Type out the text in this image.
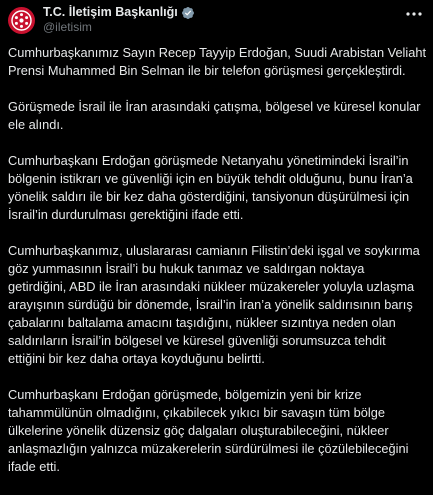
T.C. İletişim Başkanlığı
@iletisim

Cumhurbaşkanımız Sayın Recep Tayyip Erdoğan, Suudi Arabistan Veliaht
Prensi Muhammed Bin Selman ile bir telefon görüşmesi gerçekleştirdi.

Görüşmede İsrail ile İran arasındaki çatışma, bölgesel ve küresel konular
ele alındı.

Cumhurbaşkanı Erdoğan görüşmede Netanyahu yönetimindeki İsrail’in
bölgenin istikrarı ve güvenliği için en büyük tehdit olduğunu, bunu İran’a
yönelik saldırı ile bir kez daha gösterdiğini, tansiyonun düşürülmesi için
İsrail’in durdurulması gerektiğini ifade etti.

Cumhurbaşkanımız, uluslararası camianın Filistin’deki işgal ve soykırıma
göz yummasının İsrail’i bu hukuk tanımaz ve saldırgan noktaya
getirdiğini, ABD ile İran arasındaki nükleer müzakereler yoluyla uzlaşma
arayışının sürdüğü bir dönemde, İsrail’in İran’a yönelik saldırısının barış
çabalarını baltalama amacını taşıdığını, nükleer sızıntıya neden olan
saldırıların İsrail’in bölgesel ve küresel güvenliği sorumsuzca tehdit
ettiğini bir kez daha ortaya koyduğunu belirtti.

Cumhurbaşkanı Erdoğan görüşmede, bölgemizin yeni bir krize
tahammülünün olmadığını, çıkabilecek yıkıcı bir savaşın tüm bölge
ülkelerine yönelik düzensiz göç dalgaları oluşturabileceğini, nükleer
anlaşmazlığın yalnızca müzakerelerin sürdürülmesi ile çözülebileceğini
ifade etti.
